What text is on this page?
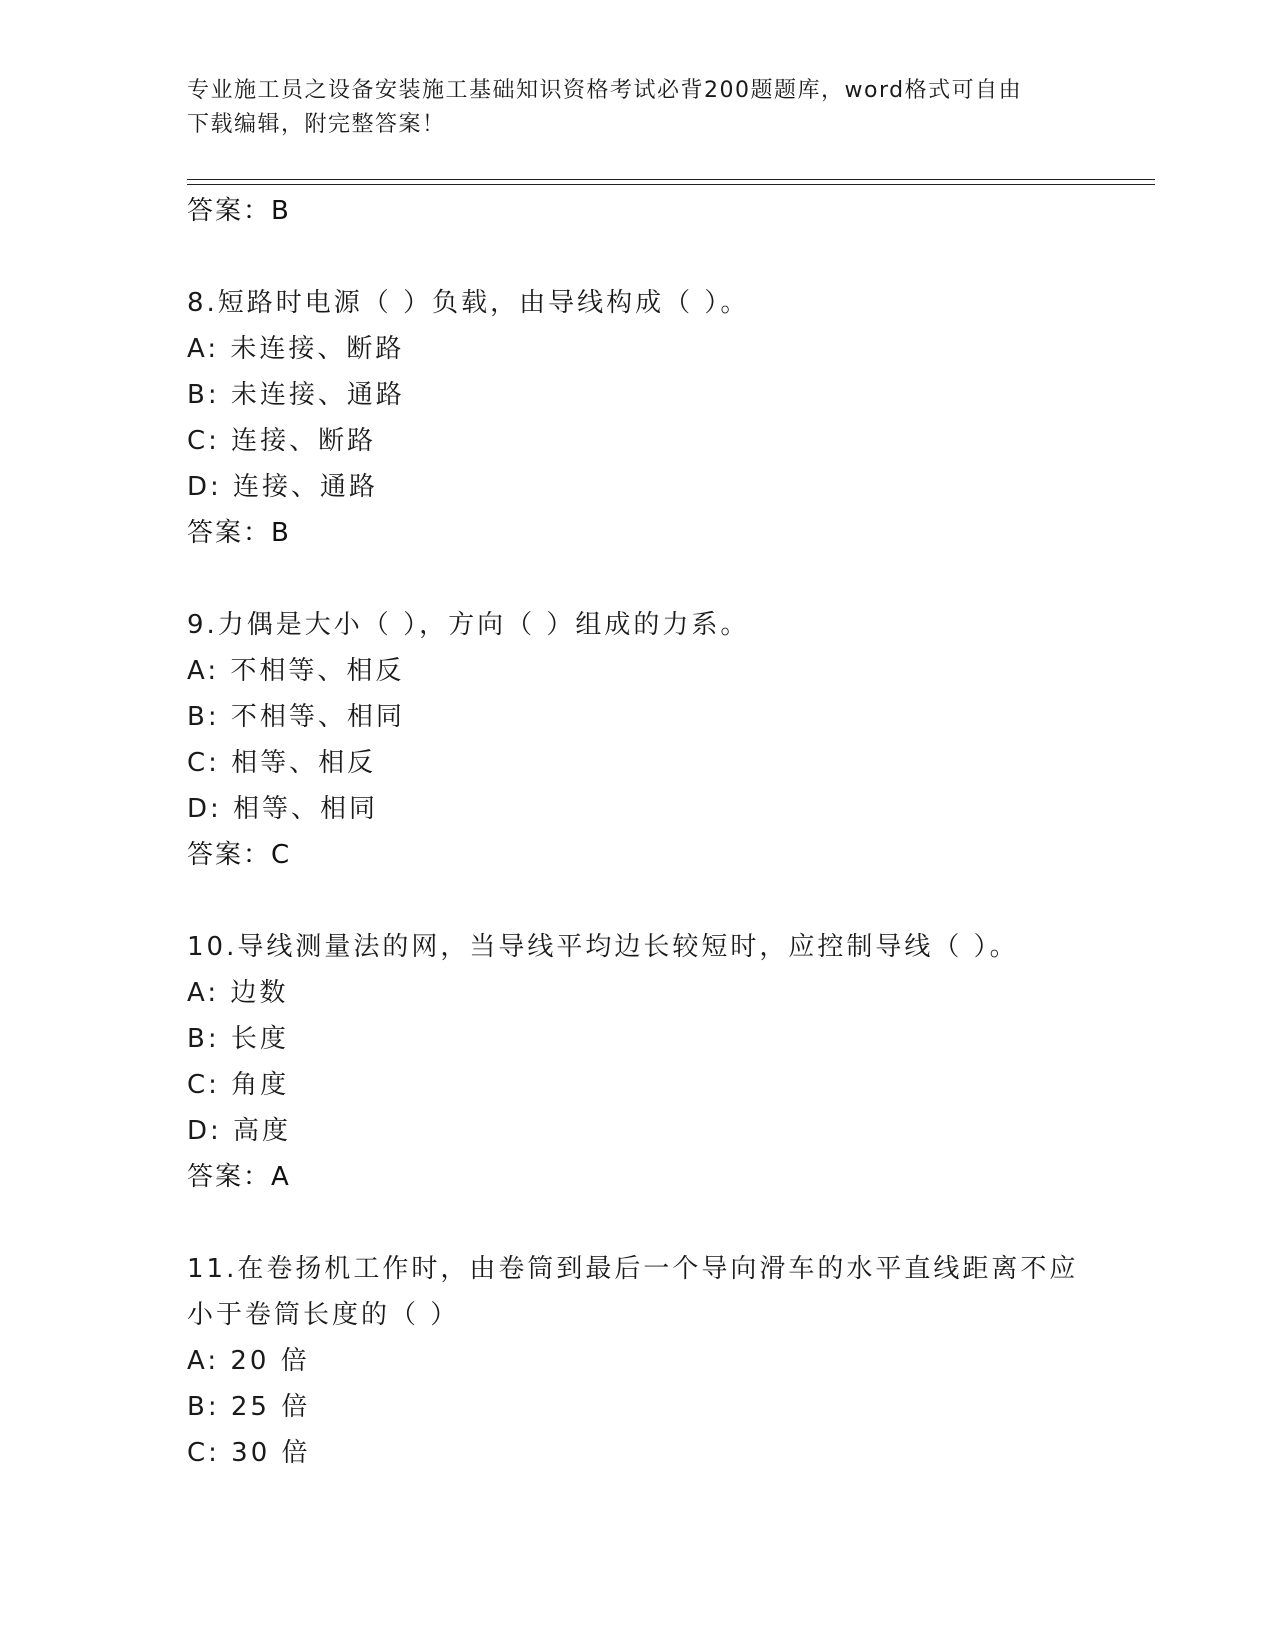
专业施工员之设备安装施工基础知识资格考试必背200题题库，word格式可自由
下载编辑，附完整答案！
答案：B
8.短路时电源（ ）负载，由导线构成（ ）。
A: 未连接、断路
B: 未连接、通路
C: 连接、断路
D: 连接、通路
答案：B
9.力偶是大小（ ），方向（ ）组成的力系。
A: 不相等、相反
B: 不相等、相同
C: 相等、相反
D: 相等、相同
答案：C
10.导线测量法的网，当导线平均边长较短时，应控制导线（ ）。
A: 边数
B: 长度
C: 角度
D: 高度
答案：A
11.在卷扬机工作时，由卷筒到最后一个导向滑车的水平直线距离不应
小于卷筒长度的（ ）
A: 20 倍
B: 25 倍
C: 30 倍
